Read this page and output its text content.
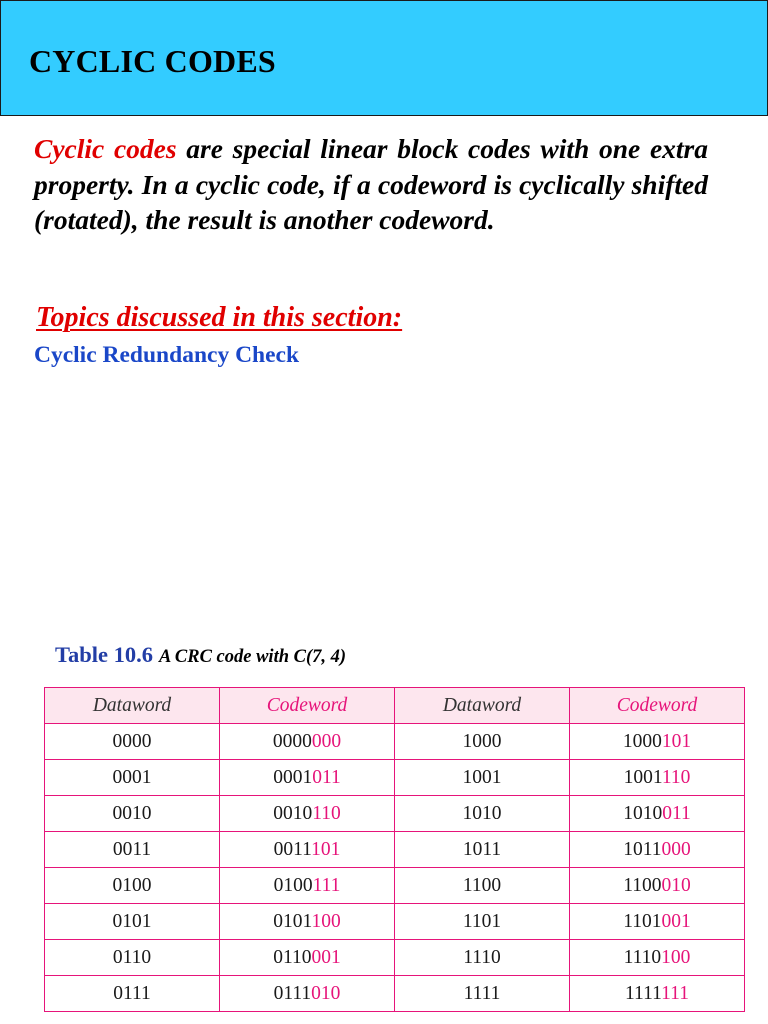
CYCLIC CODES

Cyclic codes are special linear block codes with one extra property. In a cyclic code, if a codeword is cyclically shifted (rotated), the result is another codeword.

Topics discussed in this section:

Cyclic Redundancy Check

Table 10.6 A CRC code with C(7, 4)

Dataword	Codeword	Dataword	Codeword
0000	0000000	1000	1000101
0001	0001011	1001	1001110
0010	0010110	1010	1010011
0011	0011101	1011	1011000
0100	0100111	1100	1100010
0101	0101100	1101	1101001
0110	0110001	1110	1110100
0111	0111010	1111	1111111
